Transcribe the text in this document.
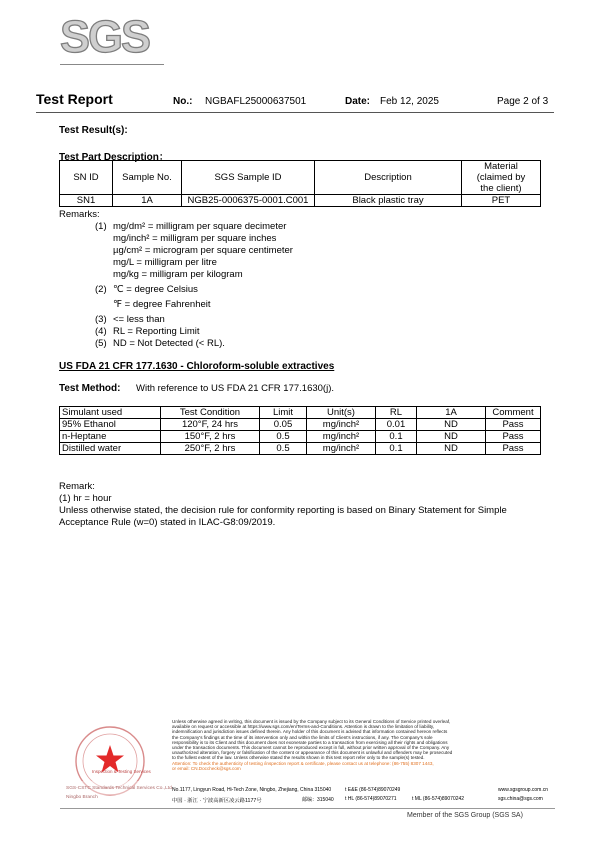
SGS
Test Report	No.: NGBAFL25000637501	Date: Feb 12, 2025	Page 2 of 3
Test Result(s):
Test Part Description：
SN ID	Sample No.	SGS Sample ID	Description	Material
(claimed by
the client)

SN1	1A	NGB25-0006375-0001.C001	Black plastic tray	PET
Remarks:
(1) mg/dm² = milligram per square decimeter
mg/inch² = milligram per square inches
µg/cm² = microgram per square centimeter
mg/L = milligram per litre
mg/kg = milligram per kilogram
(2) ℃ = degree Celsius
℉ = degree Fahrenheit
(3) <= less than
(4) RL = Reporting Limit
(5) ND = Not Detected (< RL).
US FDA 21 CFR 177.1630 - Chloroform-soluble extractives
Test Method: With reference to US FDA 21 CFR 177.1630(j).
Simulant used	Test Condition	Limit	Unit(s)	RL	1A	Comment
95% Ethanol	120°F, 24 hrs	0.05	mg/inch²	0.01	ND	Pass
n-Heptane	150°F, 2 hrs	0.5	mg/inch²	0.1	ND	Pass
Distilled water	250°F, 2 hrs	0.5	mg/inch²	0.1	ND	Pass
Remark:
(1) hr = hour
Unless otherwise stated, the decision rule for conformity reporting is based on Binary Statement for Simple
Acceptance Rule (w=0) stated in ILAC-G8:09/2019.
Inspection & Testing Services
SGS-CSTC Standards Technical Services Co.,Ltd.
Ningbo Branch
Unless otherwise agreed in writing, this document is issued by the Company subject to its General Conditions of Service printed overleaf,
available on request or accessible at https://www.sgs.com/en/Terms-and-Conditions. Attention is drawn to the limitation of liability,
indemnification and jurisdiction issues defined therein. Any holder of this document is advised that information contained hereon reflects
the Company's findings at the time of its intervention only and within the limits of Client's instructions, if any. The Company's sole
responsibility is to its Client and this document does not exonerate parties to a transaction from exercising all their rights and obligations
under the transaction documents. This document cannot be reproduced except in full, without prior written approval of the Company. Any
unauthorized alteration, forgery or falsification of the content or appearance of this document is unlawful and offenders may be prosecuted
to the fullest extent of the law. Unless otherwise stated the results shown in this test report refer only to the sample(s) tested.
Attention: To check the authenticity of testing /inspection report & certificate, please contact us at telephone: (86-755) 8307 1443,
or email: CN.Doccheck@sgs.com
No.1177, Lingyun Road, Hi-Tech Zone, Ningbo, Zhejiang, China 315040	t E&E (86-574)89070249	www.sgsgroup.com.cn
中国 · 浙江 · 宁波高新区凌云路1177号	邮编：315040 t HL (86-574)89070271	t ML (86-574)89070242	sgs.china@sgs.com
Member of the SGS Group (SGS SA)
